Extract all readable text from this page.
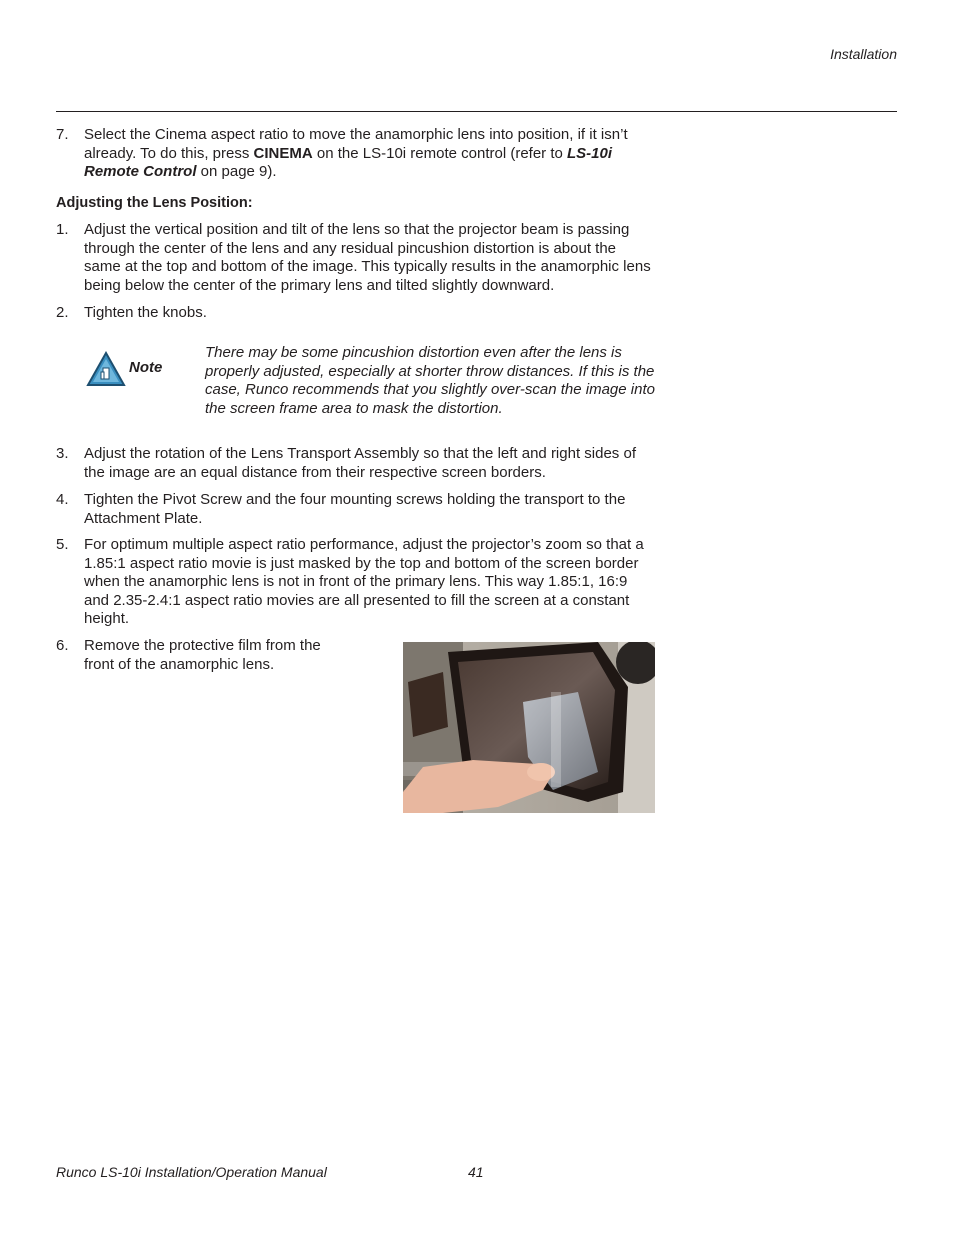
Installation
7. Select the Cinema aspect ratio to move the anamorphic lens into position, if it isn’t already. To do this, press CINEMA on the LS-10i remote control (refer to LS-10i Remote Control on page 9).
Adjusting the Lens Position:
1. Adjust the vertical position and tilt of the lens so that the projector beam is passing through the center of the lens and any residual pincushion distortion is about the same at the top and bottom of the image. This typically results in the anamorphic lens being below the center of the primary lens and tilted slightly downward.
2. Tighten the knobs.
Note
There may be some pincushion distortion even after the lens is properly adjusted, especially at shorter throw distances. If this is the case, Runco recommends that you slightly over-scan the image into the screen frame area to mask the distortion.
3. Adjust the rotation of the Lens Transport Assembly so that the left and right sides of the image are an equal distance from their respective screen borders.
4. Tighten the Pivot Screw and the four mounting screws holding the transport to the Attachment Plate.
5. For optimum multiple aspect ratio performance, adjust the projector’s zoom so that a 1.85:1 aspect ratio movie is just masked by the top and bottom of the screen border when the anamorphic lens is not in front of the primary lens. This way 1.85:1, 16:9 and 2.35-2.4:1 aspect ratio movies are all presented to fill the screen at a constant height.
6. Remove the protective film from the front of the anamorphic lens.
Runco LS-10i Installation/Operation Manual	41
